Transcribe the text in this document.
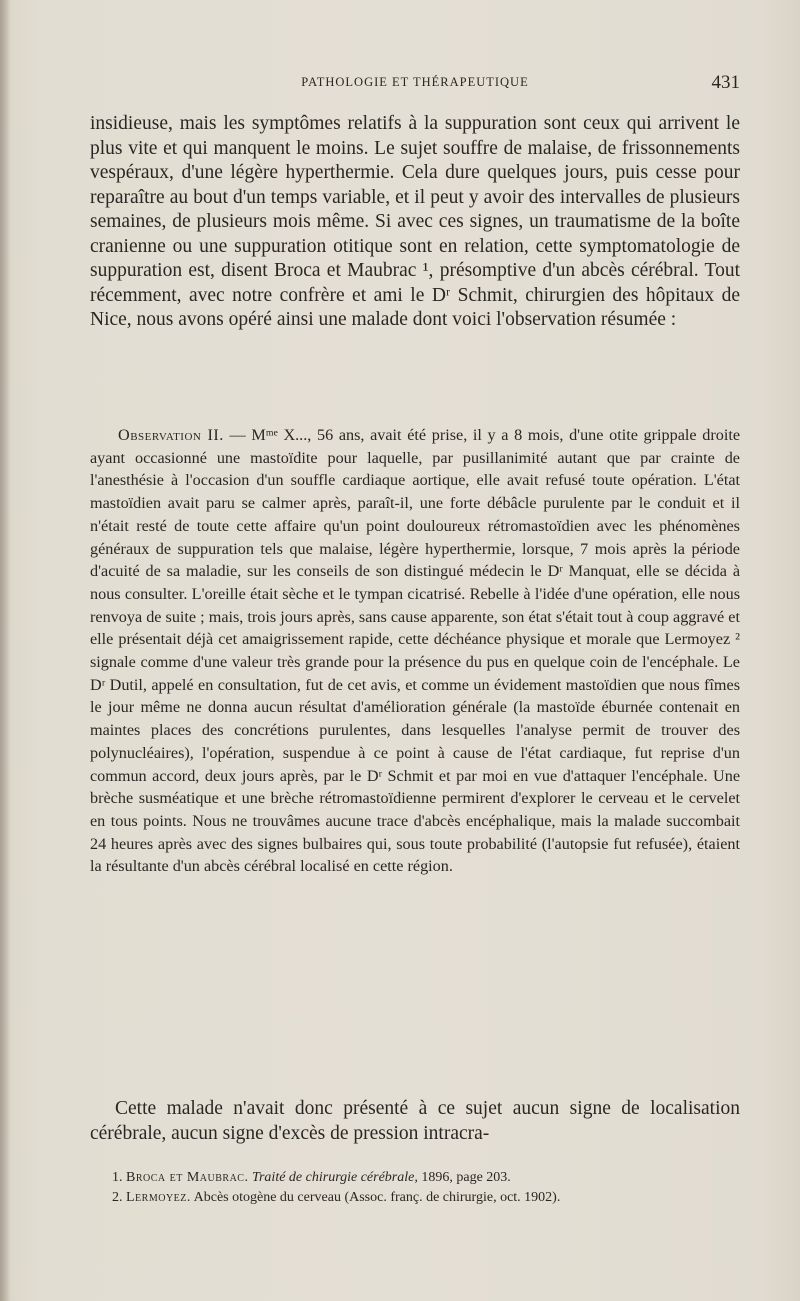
PATHOLOGIE ET THÉRAPEUTIQUE	431

insidieuse, mais les symptômes relatifs à la suppuration sont ceux qui arrivent le plus vite et qui manquent le moins. Le sujet souffre de malaise, de frissonnements vespéraux, d'une légère hyperthermie. Cela dure quelques jours, puis cesse pour reparaître au bout d'un temps variable, et il peut y avoir des intervalles de plusieurs semaines, de plusieurs mois même. Si avec ces signes, un traumatisme de la boîte cranienne ou une suppuration otitique sont en relation, cette symptomatologie de suppuration est, disent Broca et Maubrac ¹, présomptive d'un abcès cérébral. Tout récemment, avec notre confrère et ami le Dʳ Schmit, chirurgien des hôpitaux de Nice, nous avons opéré ainsi une malade dont voici l'observation résumée :

Observation II. — Mᵐᵉ X..., 56 ans, avait été prise, il y a 8 mois, d'une otite grippale droite ayant occasionné une mastoïdite pour laquelle, par pusillanimité autant que par crainte de l'anesthésie à l'occasion d'un souffle cardiaque aortique, elle avait refusé toute opération. L'état mastoïdien avait paru se calmer après, paraît-il, une forte débâcle purulente par le conduit et il n'était resté de toute cette affaire qu'un point douloureux rétromastoïdien avec les phénomènes généraux de suppuration tels que malaise, légère hyperthermie, lorsque, 7 mois après la période d'acuité de sa maladie, sur les conseils de son distingué médecin le Dʳ Manquat, elle se décida à nous consulter. L'oreille était sèche et le tympan cicatrisé. Rebelle à l'idée d'une opération, elle nous renvoya de suite ; mais, trois jours après, sans cause apparente, son état s'était tout à coup aggravé et elle présentait déjà cet amaigrissement rapide, cette déchéance physique et morale que Lermoyez ² signale comme d'une valeur très grande pour la présence du pus en quelque coin de l'encéphale. Le Dʳ Dutil, appelé en consultation, fut de cet avis, et comme un évidement mastoïdien que nous fîmes le jour même ne donna aucun résultat d'amélioration générale (la mastoïde éburnée contenait en maintes places des concrétions purulentes, dans lesquelles l'analyse permit de trouver des polynucléaires), l'opération, suspendue à ce point à cause de l'état cardiaque, fut reprise d'un commun accord, deux jours après, par le Dʳ Schmit et par moi en vue d'attaquer l'encéphale. Une brèche susméatique et une brèche rétromastoïdienne permirent d'explorer le cerveau et le cervelet en tous points. Nous ne trouvâmes aucune trace d'abcès encéphalique, mais la malade succombait 24 heures après avec des signes bulbaires qui, sous toute probabilité (l'autopsie fut refusée), étaient la résultante d'un abcès cérébral localisé en cette région.

Cette malade n'avait donc présenté à ce sujet aucun signe de localisation cérébrale, aucun signe d'excès de pression intracra-

1. Broca et Maubrac. Traité de chirurgie cérébrale, 1896, page 203.

2. Lermoyez. Abcès otogène du cerveau (Assoc. franç. de chirurgie, oct. 1902).
